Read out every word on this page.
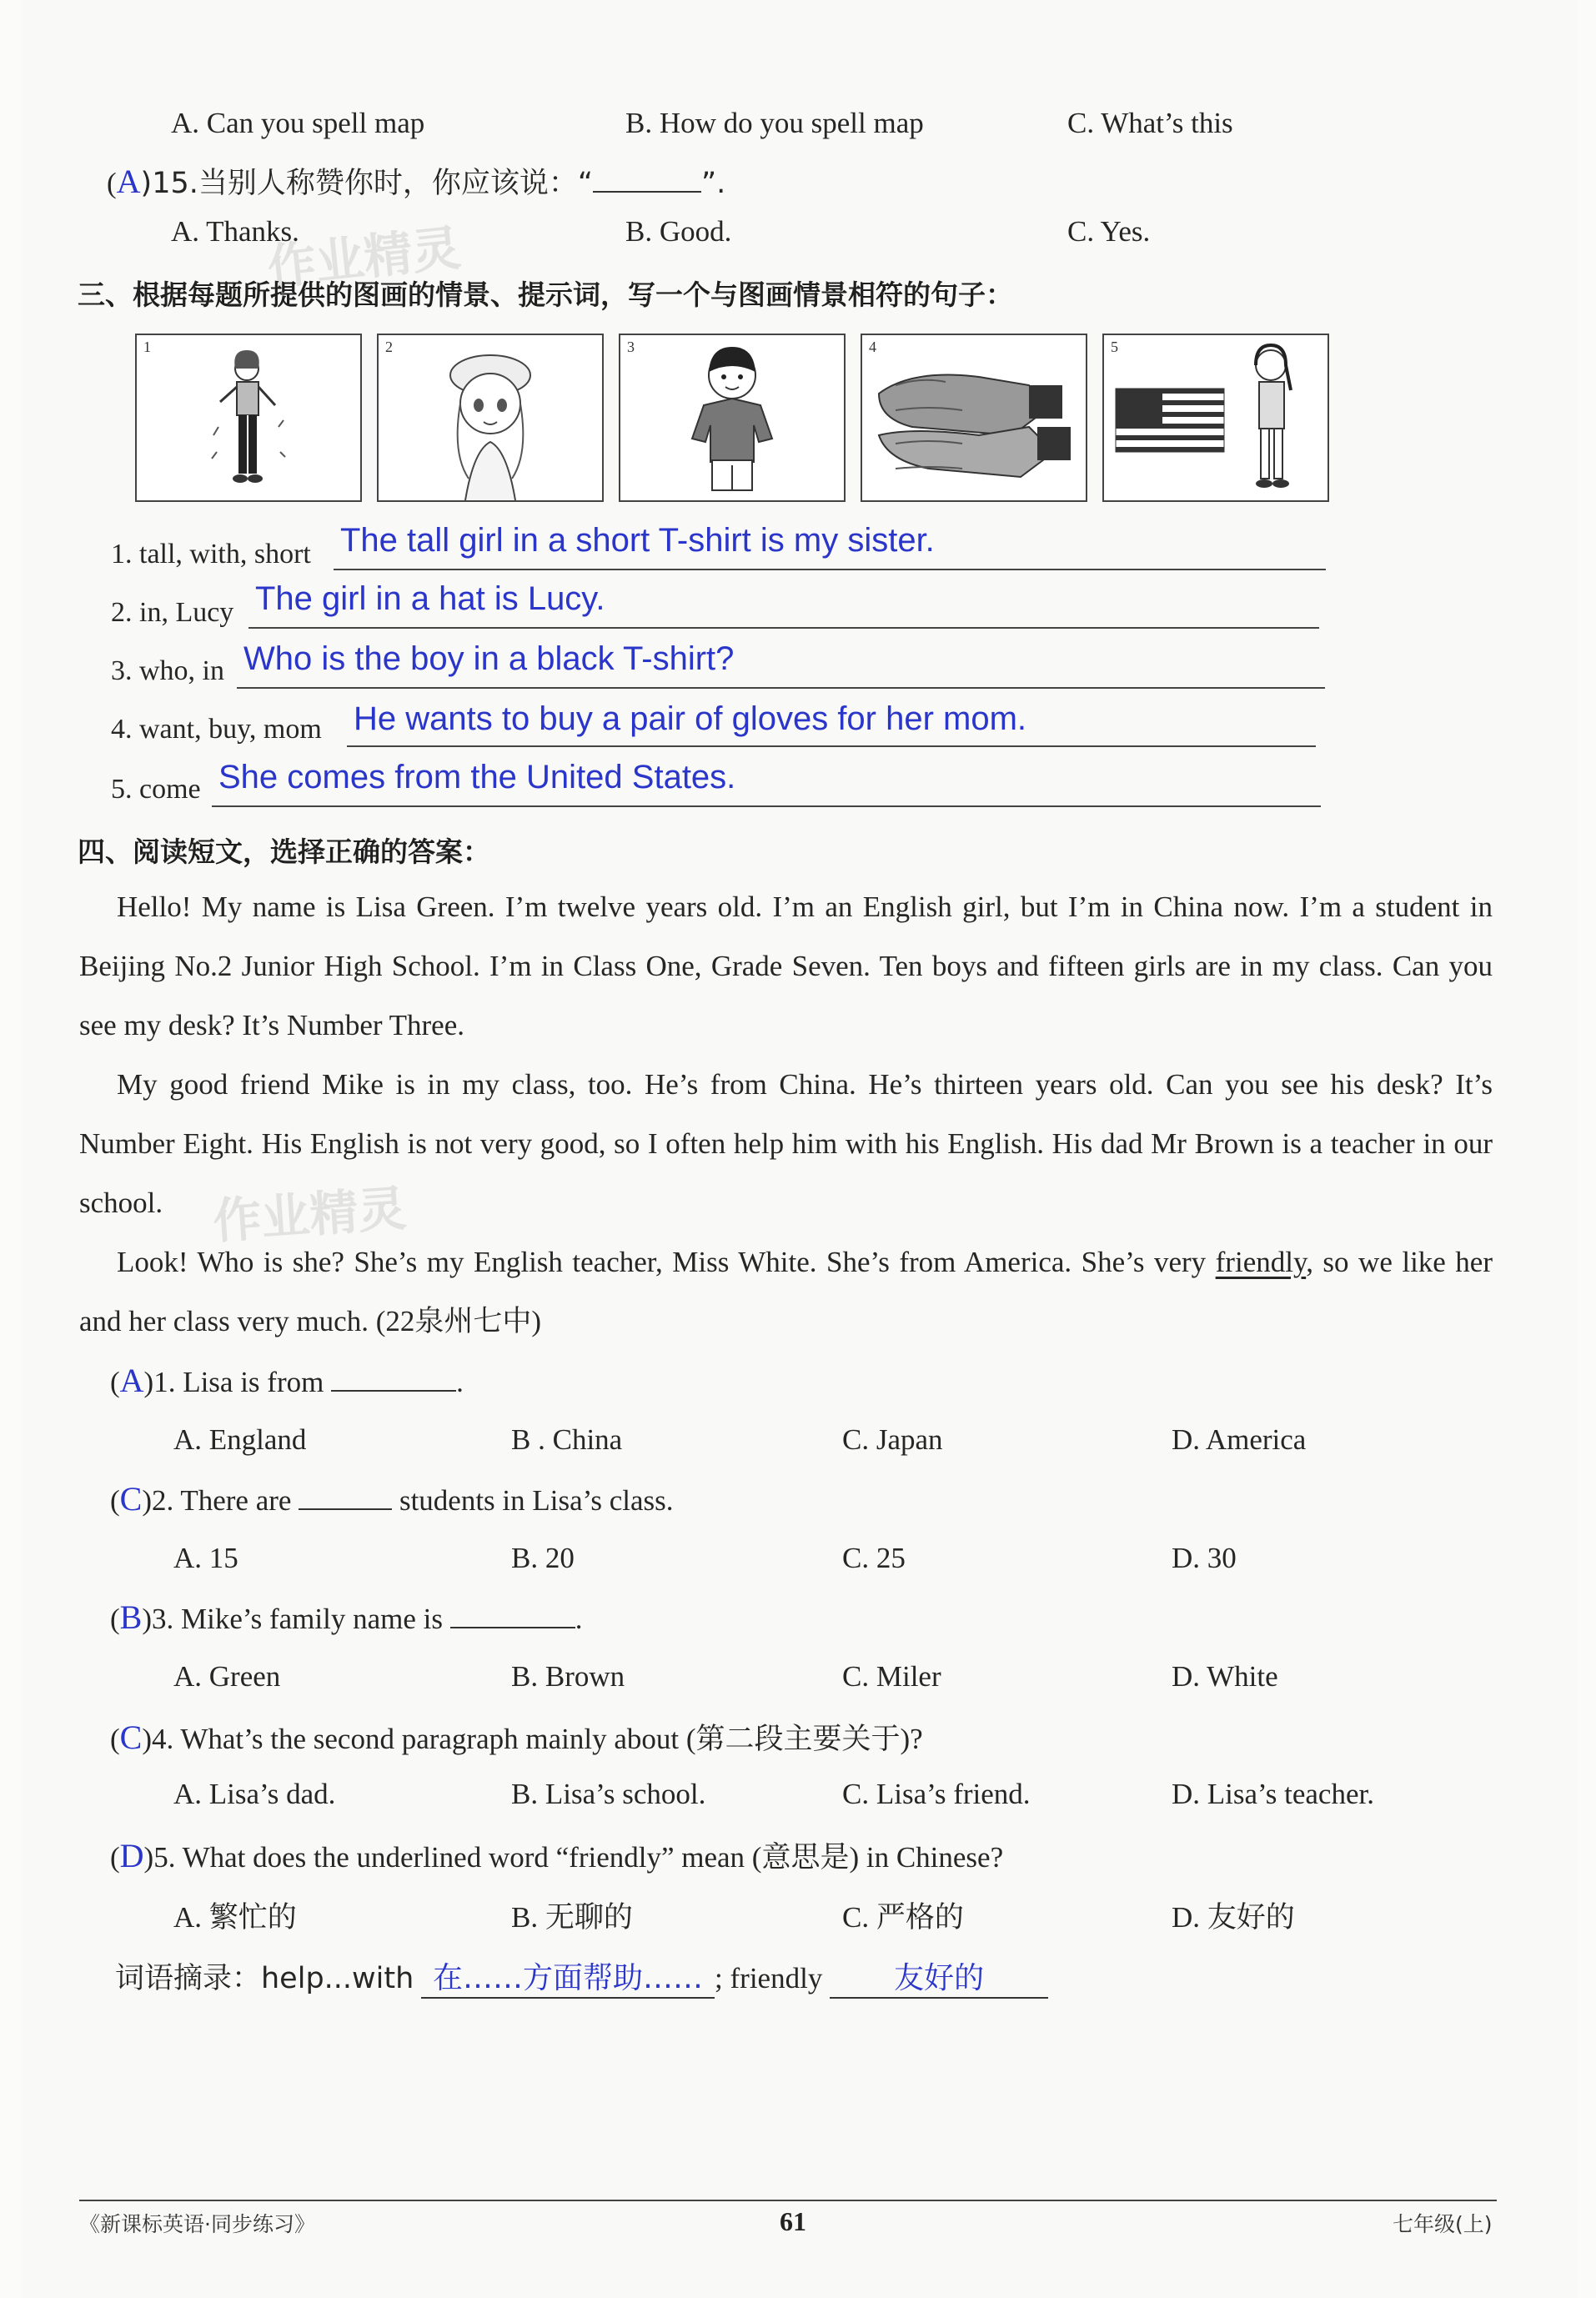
A. Can you spell map	B. How do you spell map	C. What’s this
(A)15.当别人称赞你时，你应该说：“	”.
A. Thanks.	B. Good.	C. Yes.
作业精灵
三、根据每题所提供的图画的情景、提示词，写一个与图画情景相符的句子：
1	2	3	4	5
1. tall, with, short The tall girl in a short T-shirt is my sister.
2. in, Lucy The girl in a hat is Lucy.
3. who, in Who is the boy in a black T-shirt?
4. want, buy, mom He wants to buy a pair of gloves for her mom.
5. come She comes from the United States.
四、阅读短文，选择正确的答案：
Hello! My name is Lisa Green. I’m twelve years old. I’m an English girl, but I’m in China now. I’m a student in Beijing No.2 Junior High School. I’m in Class One, Grade Seven. Ten boys and fifteen girls are in my class. Can you see my desk? It’s Number Three.
My good friend Mike is in my class, too. He’s from China. He’s thirteen years old. Can you see his desk? It’s Number Eight. His English is not very good, so I often help him with his English. His dad Mr Brown is a teacher in our school.
Look! Who is she? She’s my English teacher, Miss White. She’s from America. She’s very friendly, so we like her and her class very much. (22泉州七中)
作业精灵
(A)1. Lisa is from	.
A. England	B . China	C. Japan	D. America
(C)2. There are	students in Lisa’s class.
A. 15	B. 20	C. 25	D. 30
(B)3. Mike’s family name is	.
A. Green	B. Brown	C. Miler	D. White
(C)4. What’s the second paragraph mainly about (第二段主要关于)?
A. Lisa’s dad.	B. Lisa’s school.	C. Lisa’s friend.	D. Lisa’s teacher.
(D)5. What does the underlined word “friendly” mean (意思是) in Chinese?
A. 繁忙的	B. 无聊的	C. 严格的	D. 友好的
词语摘录：help...with 在……方面帮助…… ; friendly 友好的
《新课标英语·同步练习》	61	七年级(上)
